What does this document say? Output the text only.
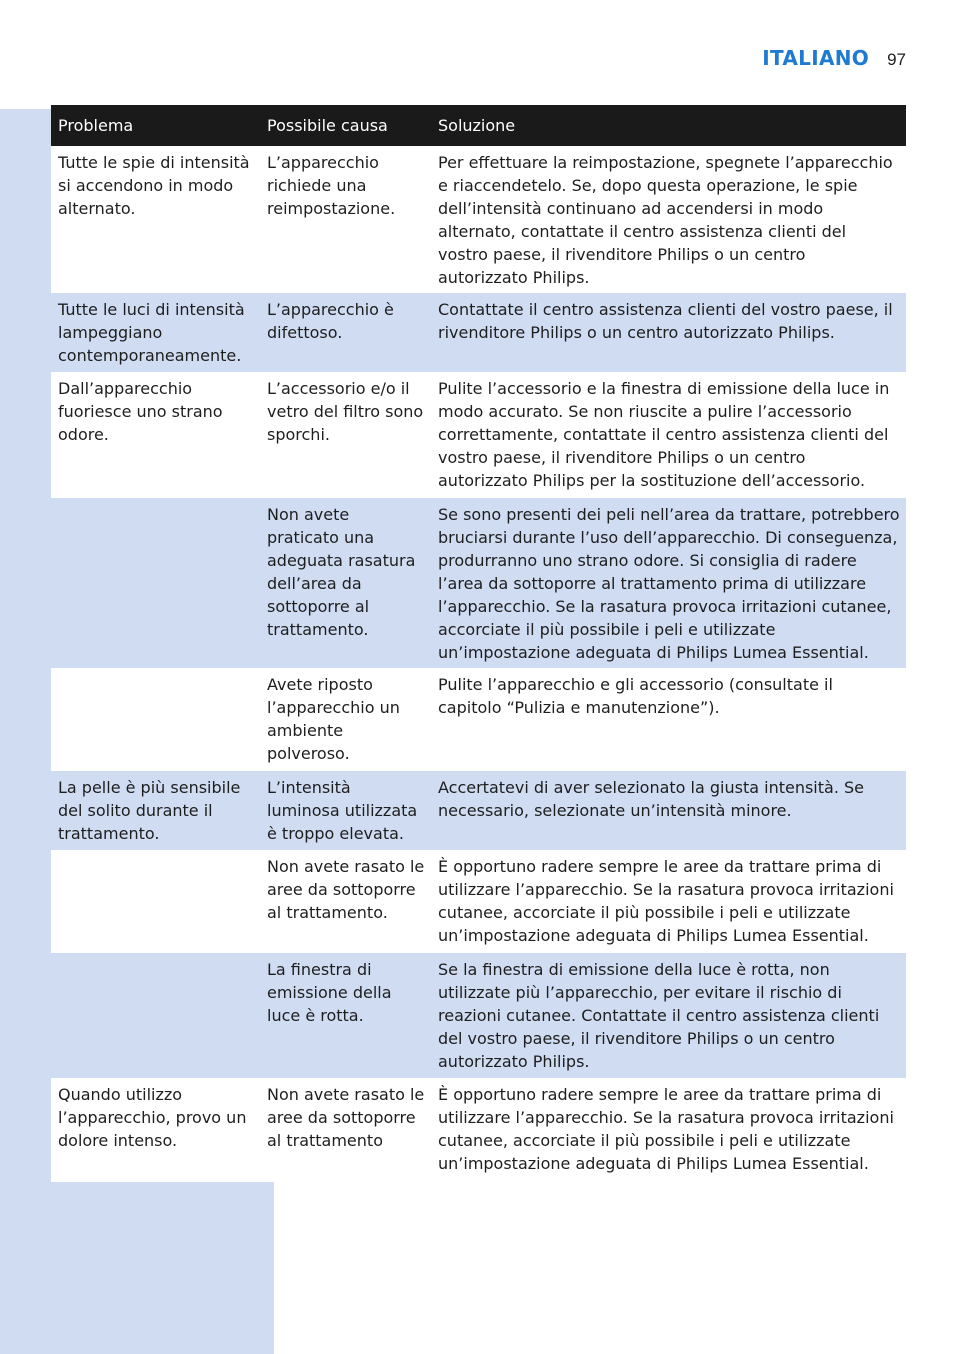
ITALIANO 97
Problema	Possibile causa	Soluzione
Tutte le spie di intensità si accendono in modo alternato.
L’apparecchio richiede una reimpostazione.
Per effettuare la reimpostazione, spegnete l’apparecchio e riaccendetelo. Se, dopo questa operazione, le spie dell’intensità continuano ad accendersi in modo alternato, contattate il centro assistenza clienti del vostro paese, il rivenditore Philips o un centro autorizzato Philips.
Tutte le luci di intensità lampeggiano contemporaneamente.
L’apparecchio è difettoso.
Contattate il centro assistenza clienti del vostro paese, il rivenditore Philips o un centro autorizzato Philips.
Dall’apparecchio fuoriesce uno strano odore.
L’accessorio e/o il vetro del filtro sono sporchi.
Pulite l’accessorio e la finestra di emissione della luce in modo accurato. Se non riuscite a pulire l’accessorio correttamente, contattate il centro assistenza clienti del vostro paese, il rivenditore Philips o un centro autorizzato Philips per la sostituzione dell’accessorio.
Non avete praticato una adeguata rasatura dell’area da sottoporre al trattamento.
Se sono presenti dei peli nell’area da trattare, potrebbero bruciarsi durante l’uso dell’apparecchio. Di conseguenza, produrranno uno strano odore. Si consiglia di radere l’area da sottoporre al trattamento prima di utilizzare l’apparecchio. Se la rasatura provoca irritazioni cutanee, accorciate il più possibile i peli e utilizzate un’impostazione adeguata di Philips Lumea Essential.
Avete riposto l’apparecchio un ambiente polveroso.
Pulite l’apparecchio e gli accessorio (consultate il capitolo “Pulizia e manutenzione”).
La pelle è più sensibile del solito durante il trattamento.
L’intensità luminosa utilizzata è troppo elevata.
Accertatevi di aver selezionato la giusta intensità. Se necessario, selezionate un’intensità minore.
Non avete rasato le aree da sottoporre al trattamento.
È opportuno radere sempre le aree da trattare prima di utilizzare l’apparecchio. Se la rasatura provoca irritazioni cutanee, accorciate il più possibile i peli e utilizzate un’impostazione adeguata di Philips Lumea Essential.
La finestra di emissione della luce è rotta.
Se la finestra di emissione della luce è rotta, non utilizzate più l’apparecchio, per evitare il rischio di reazioni cutanee. Contattate il centro assistenza clienti del vostro paese, il rivenditore Philips o un centro autorizzato Philips.
Quando utilizzo l’apparecchio, provo un dolore intenso.
Non avete rasato le aree da sottoporre al trattamento
È opportuno radere sempre le aree da trattare prima di utilizzare l’apparecchio. Se la rasatura provoca irritazioni cutanee, accorciate il più possibile i peli e utilizzate un’impostazione adeguata di Philips Lumea Essential.
